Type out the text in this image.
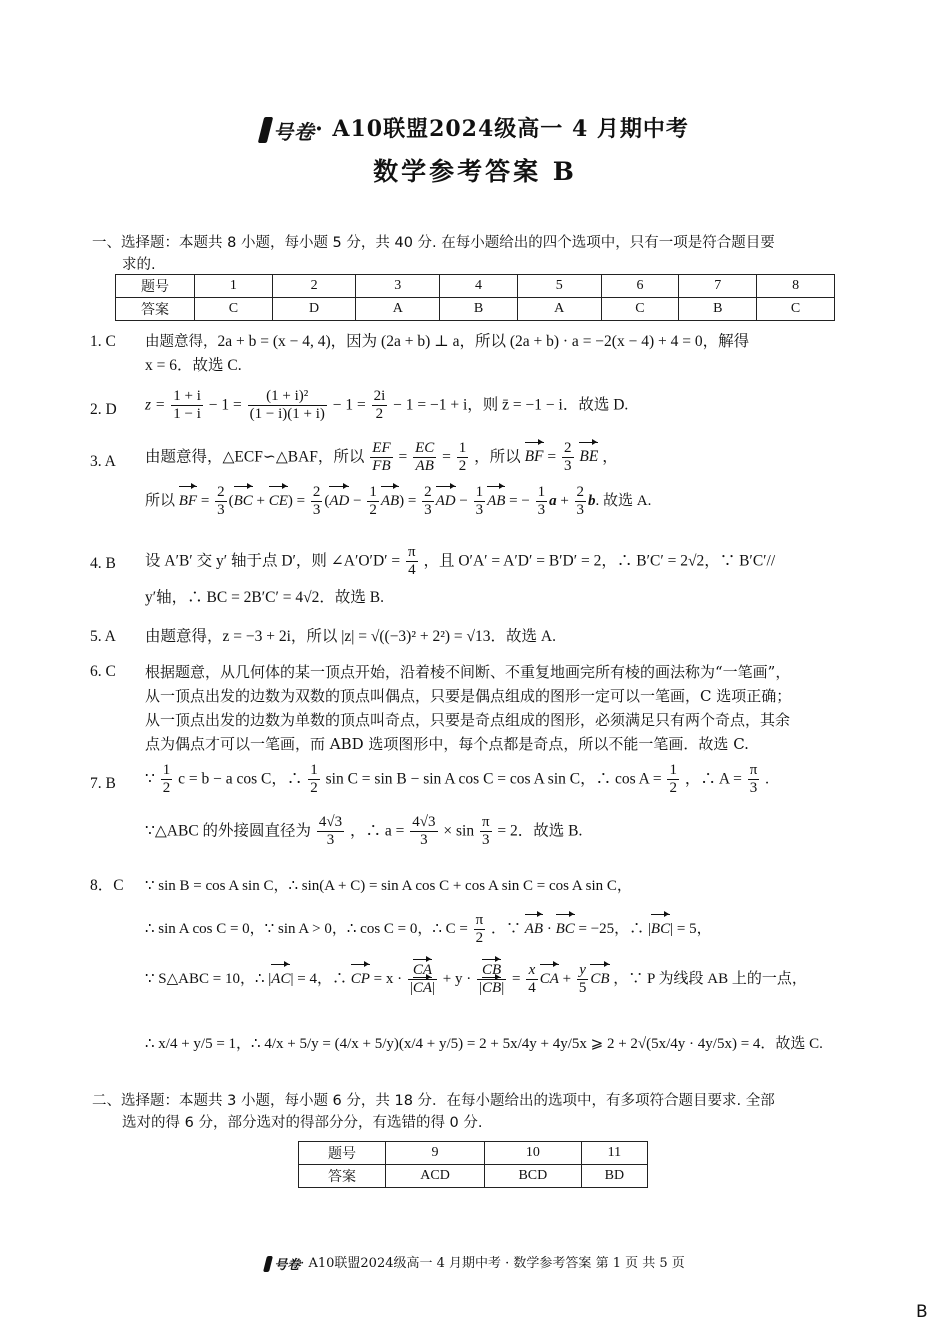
号卷 · A10联盟2024级高一 4 月期中考
数学参考答案 B
一、选择题：本题共 8 小题，每小题 5 分，共 40 分. 在每小题给出的四个选项中，只有一项是符合题目要
求的.
题号	1	2	3	4	5	6	7	8
答案	C	D	A	B	A	C	B	C
1. C	由题意得，2a + b = (x − 4, 4)，因为 (2a + b) ⊥ a，所以 (2a + b) · a = −2(x − 4) + 4 = 0，解得
x = 6．故选 C.
2. D	$z = \frac{1 + i}{1 - i} - 1 = \frac{\text{(1 + i)²}}{(1 - i)(1 + i)} - 1 = \frac{2i}{2} - 1 = -1 + i$，则 z̄ = −1 − i．故选 D.
3. A	由题意得，△ECF∽△BAF，所以 $\frac{EF}{FB} = \frac{EC}{AB} = \frac{1}{2}$ ，所以 BF = $\frac{2}{3}$ BE ，
所以 BF = $\frac{2}{3} (BC + CE) = \frac{2}{3} (AD - \frac{1}{2} AB) = \frac{2}{3}$ AD − $\frac{1}{3}$ AB = − $\frac{1}{3}$ $a + \frac{2}{3} b$. 故选 A.
4. B	设 A′B′ 交 y′ 轴于点 D′，则 ∠A′O′D′ = $\frac{\pi}{4}$ ，且 O′A′ = A′D′ = B′D′ = 2，∴ B′C′ = 2√2，∵ B′C′//
y′轴，∴ BC = 2B′C′ = 4√2．故选 B.
5. A	由题意得，z = −3 + 2i，所以 |z| = √((−3)² + 2²) = √13．故选 A.
6. C	根据题意，从几何体的某一顶点开始，沿着棱不间断、不重复地画完所有棱的画法称为“一笔画”，
从一顶点出发的边数为双数的顶点叫偶点，只要是偶点组成的图形一定可以一笔画，C 选项正确；
从一顶点出发的边数为单数的顶点叫奇点，只要是奇点组成的图形，必须满足只有两个奇点，其余
点为偶点才可以一笔画，而 ABD 选项图形中，每个点都是奇点，所以不能一笔画．故选 C.
7. B	∵ $\frac{1}{2}$ c = b − a cos C，∴ $\frac{1}{2}$ sin C = sin B − sin A cos C = cos A sin C，∴ $\cos A = \frac{1}{2}$ ，∴ $A = \frac{\pi}{3}$ .
∵△ABC 的外接圆直径为 $\frac{4√3}{3}$ ，∴ $a = \frac{4√3}{3} \times \sin \frac{\pi}{3} = 2$．故选 B.
8．C	∵ sin B = cos A sin C，∴ sin(A + C) = sin A cos C + cos A sin C = cos A sin C，
∴ sin A cos C = 0，∵ sin A > 0，∴ cos C = 0，∴ $C = \frac{\pi}{2}$ ．∵ AB · BC = −25，∴ |BC| = 5，
∵ S△ABC = 10，∴ |AC| = 4，∴ CP = $x \cdot \frac{CA}{|CA|} + y \cdot \frac{CB}{|CB|} = \frac{x}{4}$ CA + $\frac{y}{5}$ CB ，∵ P 为线段 AB 上的一点，
∴ x/4 + y/5 = 1，∴ 4/x + 5/y = (4/x + 5/y)(x/4 + y/5) = 2 + 5x/4y + 4y/5x ⩾ 2 + 2√(5x/4y · 4y/5x) = 4．故选 C.
二、选择题：本题共 3 小题，每小题 6 分，共 18 分．在每小题给出的选项中，有多项符合题目要求. 全部
选对的得 6 分，部分选对的得部分分，有选错的得 0 分.
题号	9	10	11
答案	ACD	BCD	BD
号卷 · A10联盟2024级高一 4 月期中考 · 数学参考答案 第 1 页 共 5 页
B
